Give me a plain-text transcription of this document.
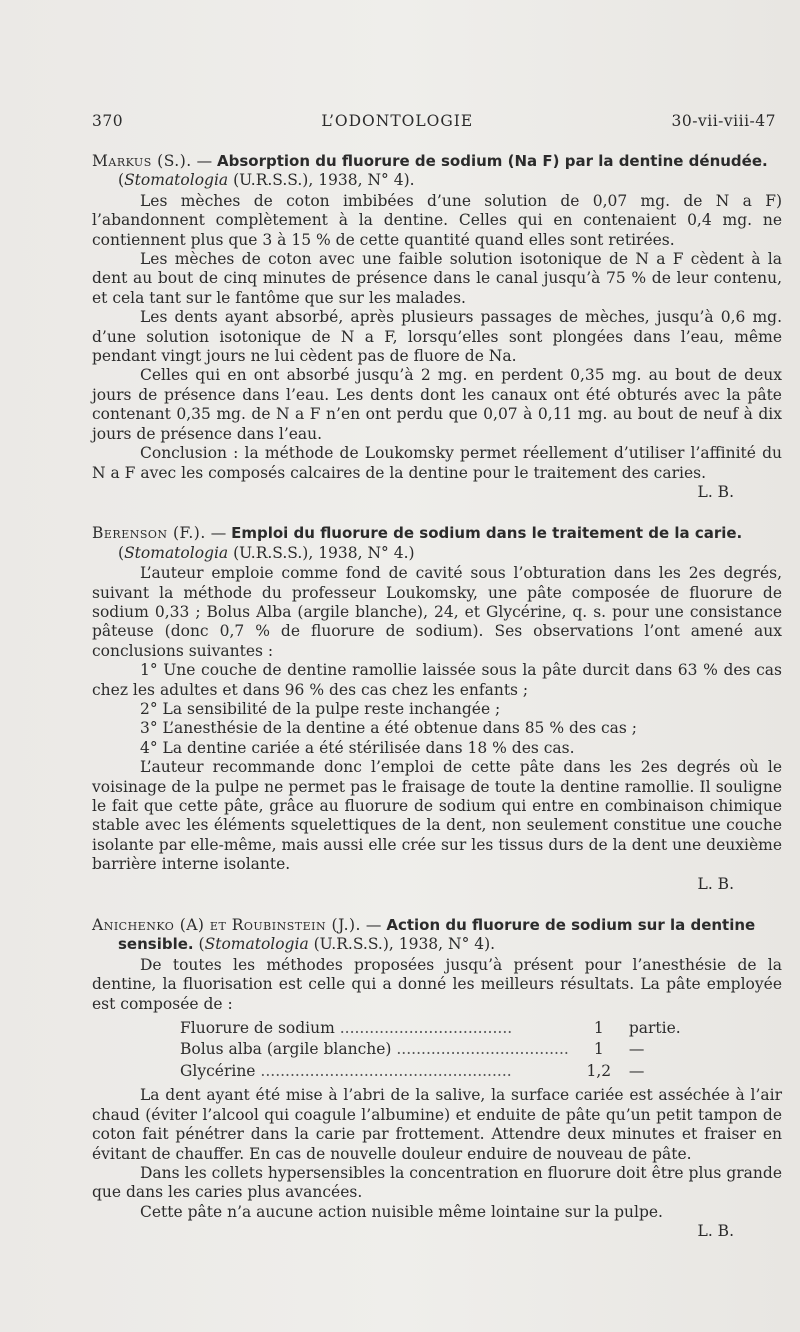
370	L’ODONTOLOGIE	30-vii-viii-47
Markus (S.). — Absorption du fluorure de sodium (Na F) par la dentine dénudée. (Stomatologia (U.R.S.S.), 1938, N° 4).

Les mèches de coton imbibées d’une solution de 0,07 mg. de N a F) l’abandonnent complètement à la dentine. Celles qui en contenaient 0,4 mg. ne contiennent plus que 3 à 15 % de cette quantité quand elles sont retirées.

Les mèches de coton avec une faible solution isotonique de N a F cèdent à la dent au bout de cinq minutes de présence dans le canal jusqu’à 75 % de leur contenu, et cela tant sur le fantôme que sur les malades.

Les dents ayant absorbé, après plusieurs passages de mèches, jusqu’à 0,6 mg. d’une solution isotonique de N a F, lorsqu’elles sont plongées dans l’eau, même pendant vingt jours ne lui cèdent pas de fluore de Na.

Celles qui en ont absorbé jusqu’à 2 mg. en perdent 0,35 mg. au bout de deux jours de présence dans l’eau. Les dents dont les canaux ont été obturés avec la pâte contenant 0,35 mg. de N a F n’en ont perdu que 0,07 à 0,11 mg. au bout de neuf à dix jours de présence dans l’eau.

Conclusion : la méthode de Loukomsky permet réellement d’utiliser l’affinité du N a F avec les composés calcaires de la dentine pour le traitement des caries.

L. B.
Berenson (F.). — Emploi du fluorure de sodium dans le traitement de la carie. (Stomatologia (U.R.S.S.), 1938, N° 4.)

L’auteur emploie comme fond de cavité sous l’obturation dans les 2es degrés, suivant la méthode du professeur Loukomsky, une pâte composée de fluorure de sodium 0,33 ; Bolus Alba (argile blanche), 24, et Glycérine, q. s. pour une consistance pâteuse (donc 0,7 % de fluorure de sodium). Ses observations l’ont amené aux conclusions suivantes :

1° Une couche de dentine ramollie laissée sous la pâte durcit dans 63 % des cas chez les adultes et dans 96 % des cas chez les enfants ;

2° La sensibilité de la pulpe reste inchangée ;

3° L’anesthésie de la dentine a été obtenue dans 85 % des cas ;

4° La dentine cariée a été stérilisée dans 18 % des cas.

L’auteur recommande donc l’emploi de cette pâte dans les 2es degrés où le voisinage de la pulpe ne permet pas le fraisage de toute la dentine ramollie. Il souligne le fait que cette pâte, grâce au fluorure de sodium qui entre en combinaison chimique stable avec les éléments squelettiques de la dent, non seulement constitue une couche isolante par elle-même, mais aussi elle crée sur les tissus durs de la dent une deuxième barrière interne isolante.

L. B.
Anichenko (A) et Roubinstein (J.). — Action du fluorure de sodium sur la dentine sensible. (Stomatologia (U.R.S.S.), 1938, N° 4).

De toutes les méthodes proposées jusqu’à présent pour l’anesthésie de la dentine, la fluorisation est celle qui a donné les meilleurs résultats. La pâte employée est composée de :

Fluorure de sodium ...................................	1	partie.
Bolus alba (argile blanche) ...................................	1	—
Glycérine ...................................................	1,2	—

La dent ayant été mise à l’abri de la salive, la surface cariée est asséchée à l’air chaud (éviter l’alcool qui coagule l’albumine) et enduite de pâte qu’un petit tampon de coton fait pénétrer dans la carie par frottement. Attendre deux minutes et fraiser en évitant de chauffer. En cas de nouvelle douleur enduire de nouveau de pâte.

Dans les collets hypersensibles la concentration en fluorure doit être plus grande que dans les caries plus avancées.

Cette pâte n’a aucune action nuisible même lointaine sur la pulpe.

L. B.
